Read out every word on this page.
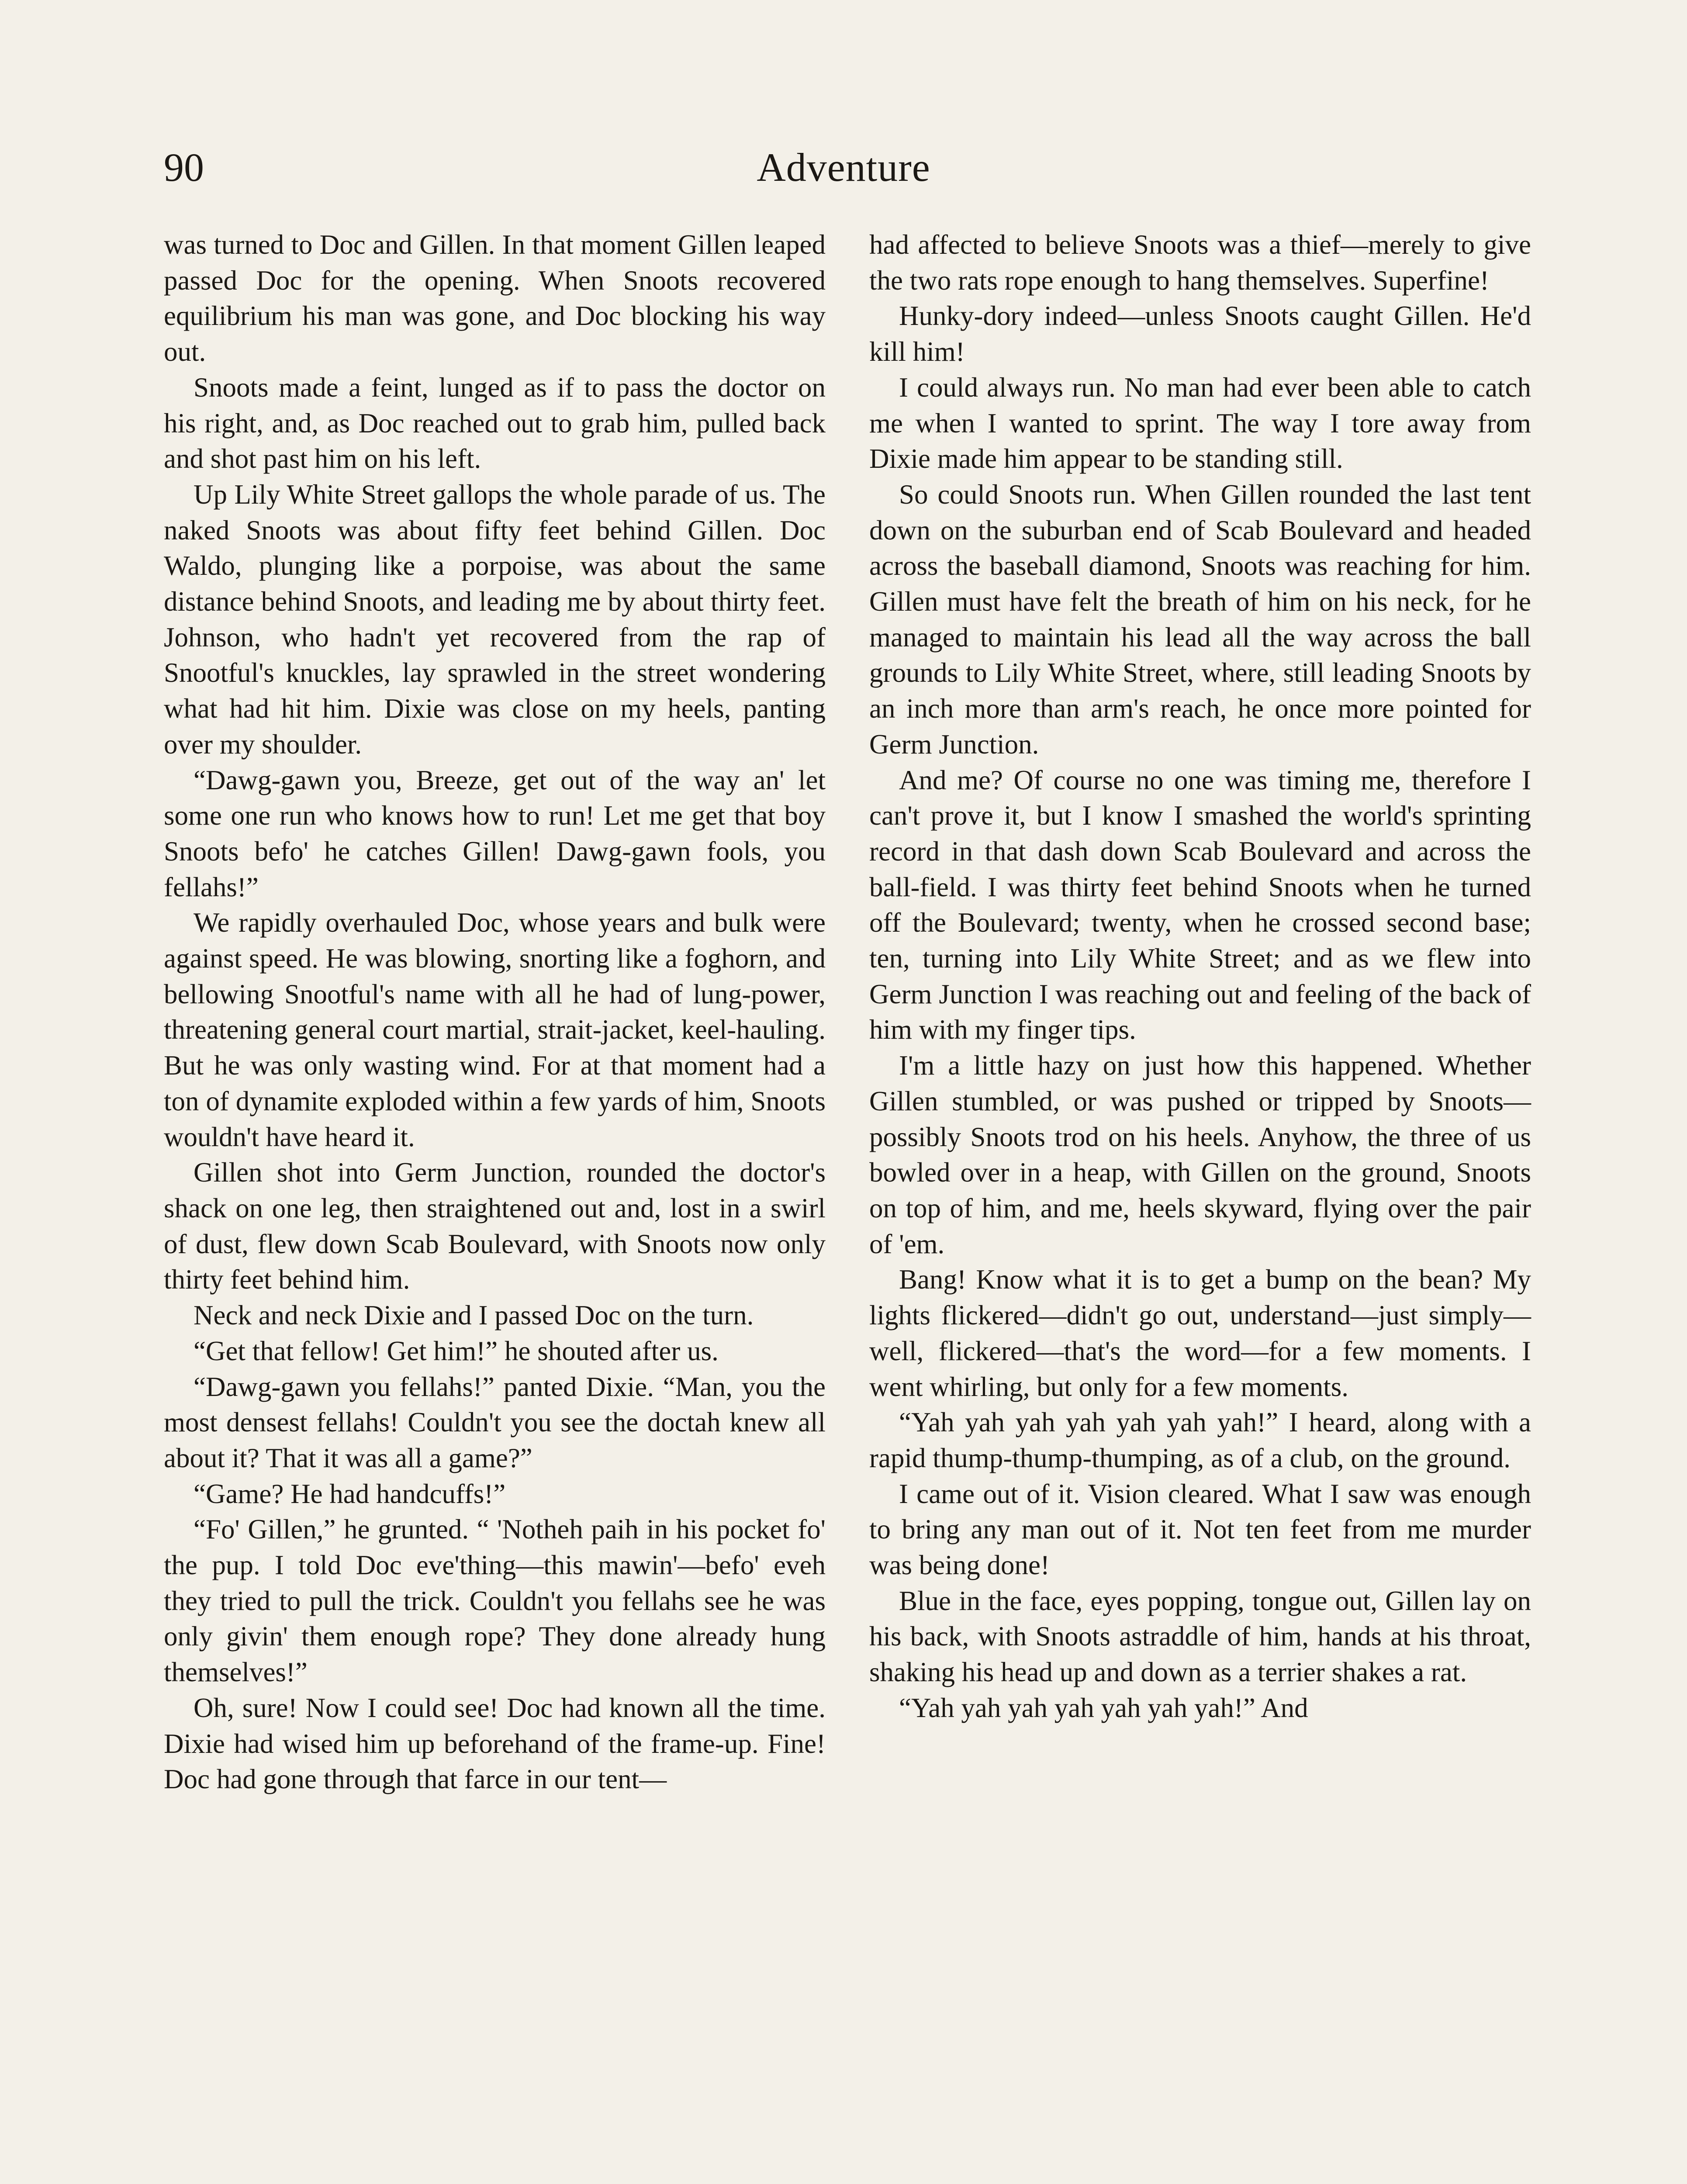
90	Adventure

was turned to Doc and Gillen. In that moment Gillen leaped passed Doc for the opening. When Snoots recovered equilibrium his man was gone, and Doc blocking his way out.

Snoots made a feint, lunged as if to pass the doctor on his right, and, as Doc reached out to grab him, pulled back and shot past him on his left.

Up Lily White Street gallops the whole parade of us. The naked Snoots was about fifty feet behind Gillen. Doc Waldo, plunging like a porpoise, was about the same distance behind Snoots, and leading me by about thirty feet. Johnson, who hadn't yet recovered from the rap of Snootful's knuckles, lay sprawled in the street wondering what had hit him. Dixie was close on my heels, panting over my shoulder.

“Dawg-gawn you, Breeze, get out of the way an' let some one run who knows how to run! Let me get that boy Snoots befo' he catches Gillen! Dawg-gawn fools, you fellahs!”

We rapidly overhauled Doc, whose years and bulk were against speed. He was blowing, snorting like a foghorn, and bellowing Snootful's name with all he had of lung-power, threatening general court martial, strait-jacket, keel-hauling. But he was only wasting wind. For at that moment had a ton of dynamite exploded within a few yards of him, Snoots wouldn't have heard it.

Gillen shot into Germ Junction, rounded the doctor's shack on one leg, then straightened out and, lost in a swirl of dust, flew down Scab Boulevard, with Snoots now only thirty feet behind him.

Neck and neck Dixie and I passed Doc on the turn.

“Get that fellow! Get him!” he shouted after us.

“Dawg-gawn you fellahs!” panted Dixie. “Man, you the most densest fellahs! Couldn't you see the doctah knew all about it? That it was all a game?”

“Game? He had handcuffs!”

“Fo' Gillen,” he grunted. “ 'Notheh paih in his pocket fo' the pup. I told Doc eve'thing—this mawin'—befo' eveh they tried to pull the trick. Couldn't you fellahs see he was only givin' them enough rope? They done already hung themselves!”

Oh, sure! Now I could see! Doc had known all the time. Dixie had wised him up beforehand of the frame-up. Fine! Doc had gone through that farce in our tent—

had affected to believe Snoots was a thief—merely to give the two rats rope enough to hang themselves. Superfine!

Hunky-dory indeed—unless Snoots caught Gillen. He'd kill him!

I could always run. No man had ever been able to catch me when I wanted to sprint. The way I tore away from Dixie made him appear to be standing still.

So could Snoots run. When Gillen rounded the last tent down on the suburban end of Scab Boulevard and headed across the baseball diamond, Snoots was reaching for him. Gillen must have felt the breath of him on his neck, for he managed to maintain his lead all the way across the ball grounds to Lily White Street, where, still leading Snoots by an inch more than arm's reach, he once more pointed for Germ Junction.

And me? Of course no one was timing me, therefore I can't prove it, but I know I smashed the world's sprinting record in that dash down Scab Boulevard and across the ball-field. I was thirty feet behind Snoots when he turned off the Boulevard; twenty, when he crossed second base; ten, turning into Lily White Street; and as we flew into Germ Junction I was reaching out and feeling of the back of him with my finger tips.

I'm a little hazy on just how this happened. Whether Gillen stumbled, or was pushed or tripped by Snoots—possibly Snoots trod on his heels. Anyhow, the three of us bowled over in a heap, with Gillen on the ground, Snoots on top of him, and me, heels skyward, flying over the pair of 'em.

Bang! Know what it is to get a bump on the bean? My lights flickered—didn't go out, understand—just simply—well, flickered—that's the word—for a few moments. I went whirling, but only for a few moments.

“Yah yah yah yah yah yah yah!” I heard, along with a rapid thump-thump-thumping, as of a club, on the ground.

I came out of it. Vision cleared. What I saw was enough to bring any man out of it. Not ten feet from me murder was being done!

Blue in the face, eyes popping, tongue out, Gillen lay on his back, with Snoots astraddle of him, hands at his throat, shaking his head up and down as a terrier shakes a rat.

“Yah yah yah yah yah yah yah!” And
